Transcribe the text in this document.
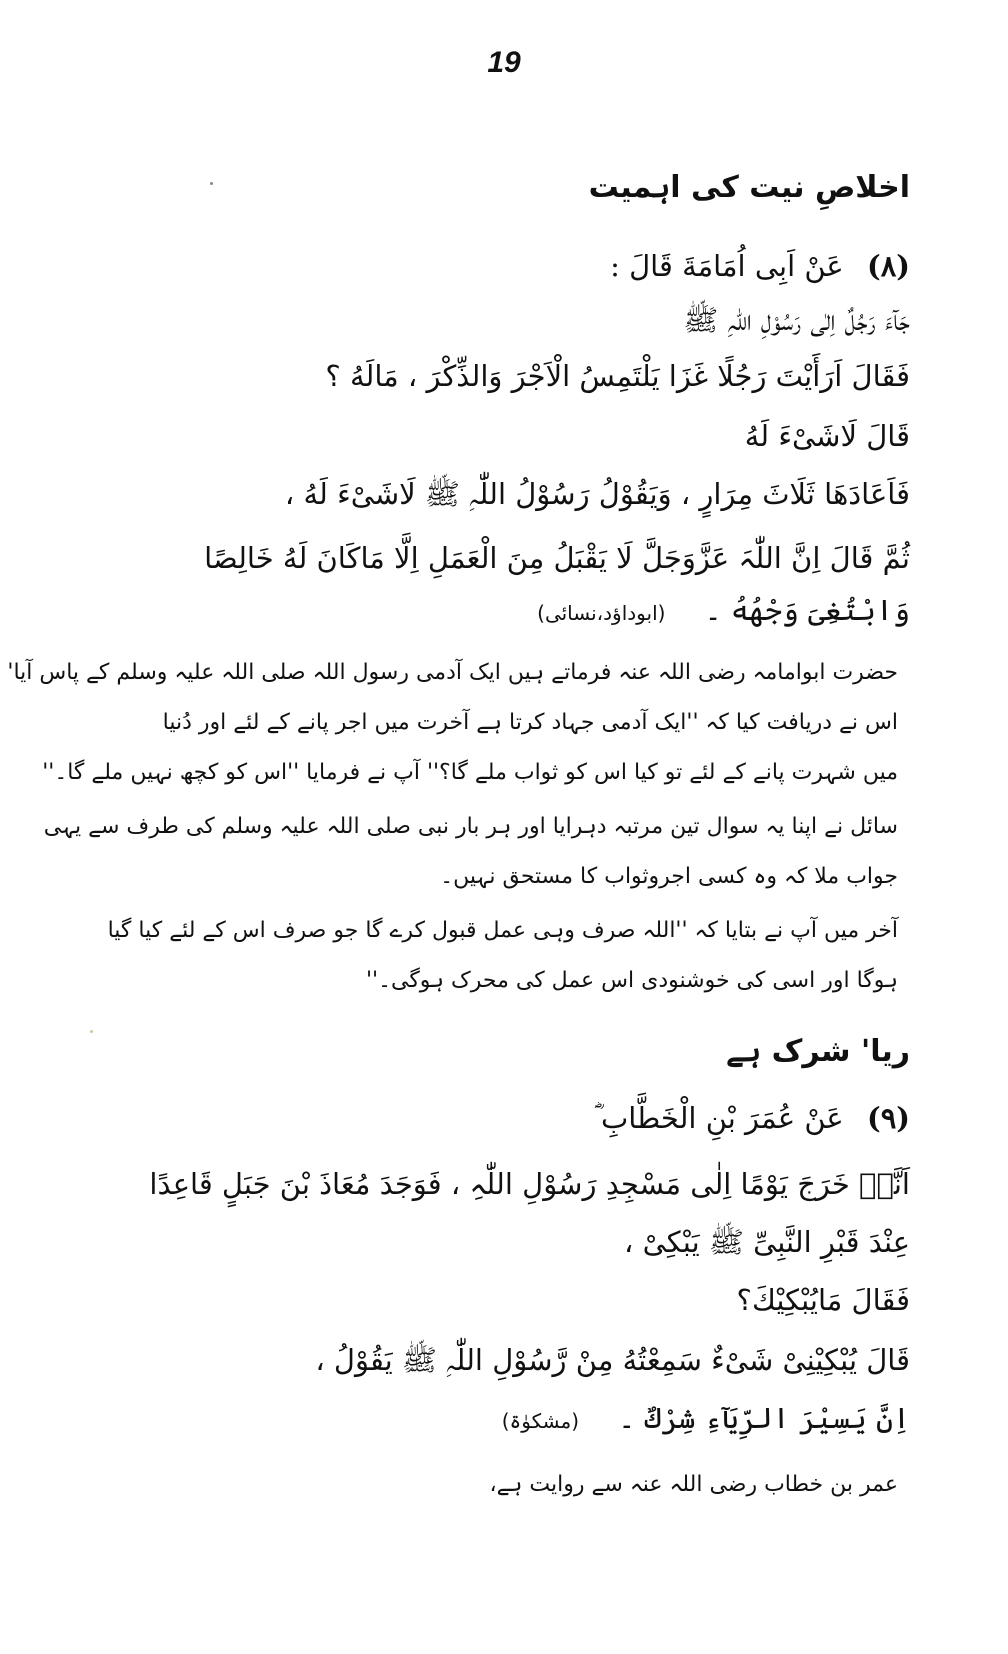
19
اخلاصِ نیت کی اہمیت
(۸) عَنْ اَبِی اُمَامَةَ قَالَ :
جَآءَ رَجُلٌ اِلٰی رَسُوْلِ اللّٰہِ ﷺ
فَقَالَ اَرَأَیْتَ رَجُلًا غَزَا یَلْتَمِسُ الْاَجْرَ وَالذِّکْرَ ، مَالَهُ ؟
قَالَ لَاشَیْءَ لَهُ
فَاَعَادَهَا ثَلَاثَ مِرَارٍ ، وَیَقُوْلُ رَسُوْلُ اللّٰہِ ﷺ لَاشَیْءَ لَهُ ،
ثُمَّ قَالَ اِنَّ اللّٰہَ عَزَّوَجَلَّ لَا یَقْبَلُ مِنَ الْعَمَلِ اِلَّا مَاکَانَ لَهُ خَالِصًا
وَابْتُغِیَ وَجْهُهُ ۔ (ابوداؤد،نسائی)
حضرت ابوامامہ رضی اللہ عنہ فرماتے ہیں ایک آدمی رسول اللہ صلی اللہ علیہ وسلم کے پاس آیا'
اس نے دریافت کیا کہ ''ایک آدمی جہاد کرتا ہے آخرت میں اجر پانے کے لئے اور دُنیا
میں شہرت پانے کے لئے تو کیا اس کو ثواب ملے گا؟'' آپ نے فرمایا ''اس کو کچھ نہیں ملے گا۔''
سائل نے اپنا یہ سوال تین مرتبہ دہرایا اور ہر بار نبی صلی اللہ علیہ وسلم کی طرف سے یہی
جواب ملا کہ وہ کسی اجروثواب کا مستحق نہیں۔
آخر میں آپ نے بتایا کہ ''اللہ صرف وہی عمل قبول کرے گا جو صرف اس کے لئے کیا گیا
ہوگا اور اسی کی خوشنودی اس عمل کی محرک ہوگی۔''
ریا' شرک ہے
(۹) عَنْ عُمَرَ بْنِ الْخَطَّابِ ؓ
اَنَّہٗ خَرَجَ یَوْمًا اِلٰی مَسْجِدِ رَسُوْلِ اللّٰہِ ، فَوَجَدَ مُعَاذَ بْنَ جَبَلٍ قَاعِدًا
عِنْدَ قَبْرِ النَّبِیِّ ﷺ یَبْکِیْ ،
فَقَالَ مَایُبْکِیْكَ؟
قَالَ یُبْکِیْنِیْ شَیْءٌ سَمِعْتُهُ مِنْ رَّسُوْلِ اللّٰہِ ﷺ یَقُوْلُ ،
اِنَّ یَسِیْرَ الرِّیَآءِ شِرْكٌ ۔ (مشکوٰۃ)
عمر بن خطاب رضی اللہ عنہ سے روایت ہے،
